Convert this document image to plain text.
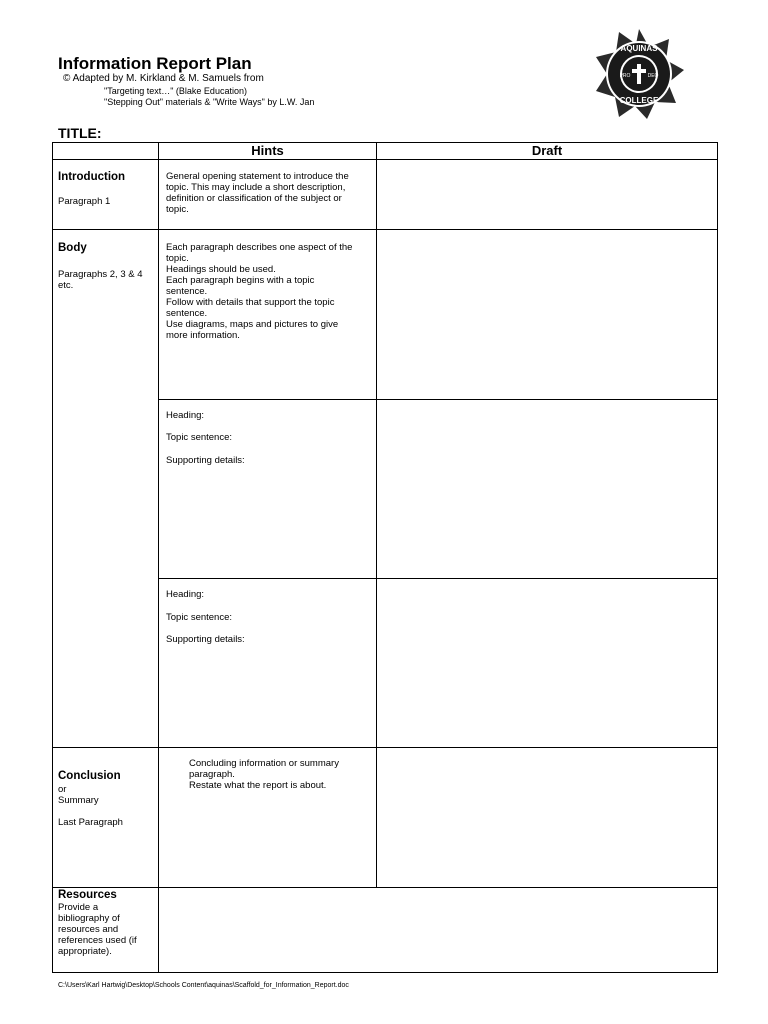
Information Report Plan
© Adapted by M. Kirkland & M. Samuels from
"Targeting text…" (Blake Education)
"Stepping Out" materials & "Write Ways" by L.W. Jan
AQUINAS
COLLEGE
PRO	DEO
TITLE:
Hints	Draft
Introduction
Paragraph 1
General opening statement to introduce the
topic. This may include a short description,
definition or classification of the subject or
topic.
Body
Paragraphs 2, 3 & 4
etc.
Each paragraph describes one aspect of the
topic.
Headings should be used.
Each paragraph begins with a topic
sentence.
Follow with details that support the topic
sentence.
Use diagrams, maps and pictures to give
more information.
Heading:
Topic sentence:
Supporting details:
Heading:
Topic sentence:
Supporting details:
Conclusion
or
Summary
Last Paragraph
Concluding information or summary
paragraph.
Restate what the report is about.
Resources
Provide a
bibliography of
resources and
references used (if
appropriate).
C:\Users\Karl Hartwig\Desktop\Schools Content\aquinas\Scaffold_for_Information_Report.doc
